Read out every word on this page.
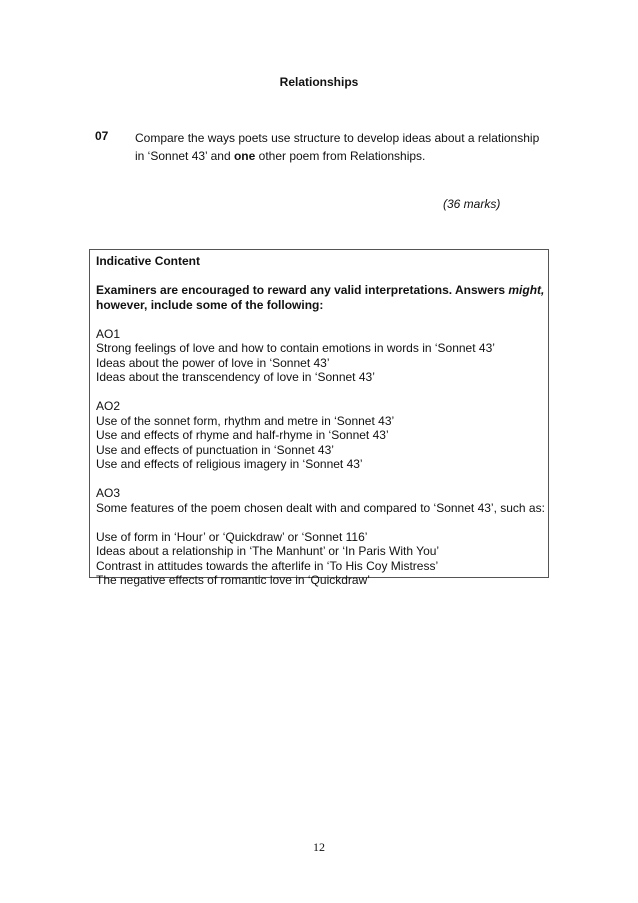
Relationships
07 Compare the ways poets use structure to develop ideas about a relationship in ‘Sonnet 43’ and one other poem from Relationships.
(36 marks)
Indicative Content
Examiners are encouraged to reward any valid interpretations. Answers might,
however, include some of the following:
AO1
Strong feelings of love and how to contain emotions in words in ‘Sonnet 43’
Ideas about the power of love in ‘Sonnet 43’
Ideas about the transcendency of love in ‘Sonnet 43’
AO2
Use of the sonnet form, rhythm and metre in ‘Sonnet 43’
Use and effects of rhyme and half-rhyme in ‘Sonnet 43’
Use and effects of punctuation in ‘Sonnet 43’
Use and effects of religious imagery in ‘Sonnet 43’
AO3
Some features of the poem chosen dealt with and compared to ‘Sonnet 43’, such as:
Use of form in ‘Hour’ or ‘Quickdraw’ or ‘Sonnet 116’
Ideas about a relationship in ‘The Manhunt’ or ‘In Paris With You’
Contrast in attitudes towards the afterlife in ‘To His Coy Mistress’
The negative effects of romantic love in ‘Quickdraw’
12
